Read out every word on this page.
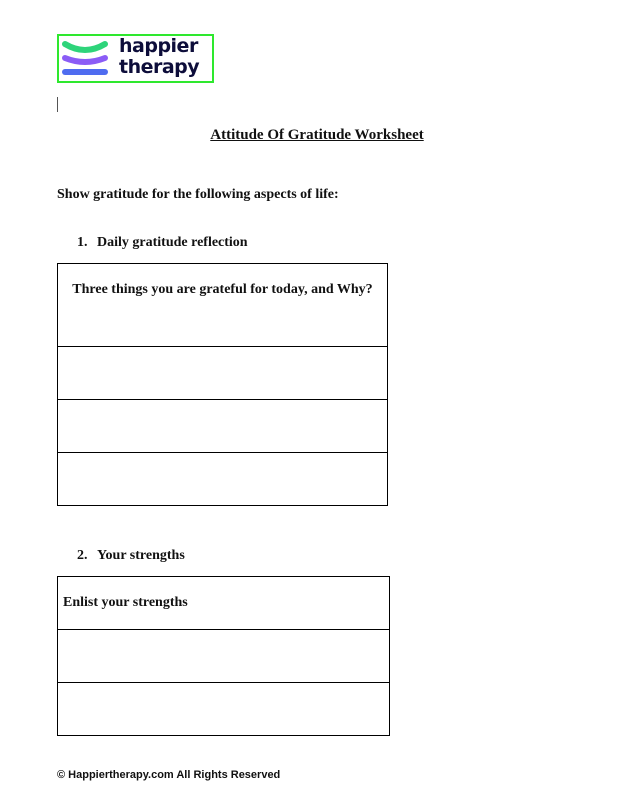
happier
therapy
Attitude Of Gratitude Worksheet
Show gratitude for the following aspects of life:
1. Daily gratitude reflection
Three things you are grateful for today, and Why?

2. Your strengths
Enlist your strengths

© Happiertherapy.com All Rights Reserved
